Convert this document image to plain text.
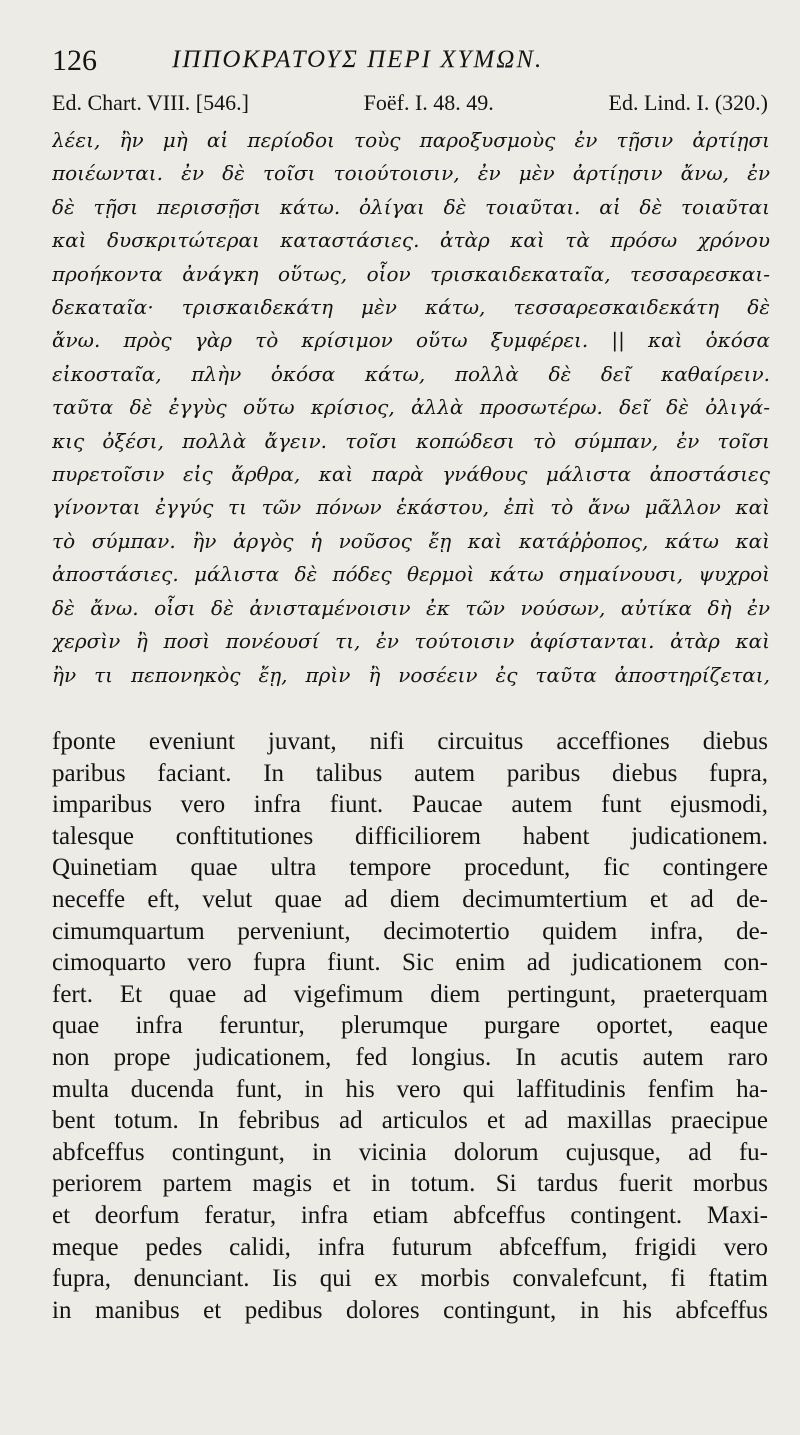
126	ΙΠΠΟΚΡΑΤΟΥΣ ΠΕΡΙ ΧΥΜΩΝ.
Ed. Chart. VIII. [546.]	Foëf. I. 48. 49.	Ed. Lind. I. (320.)
λέει, ἢν μὴ αἱ περίοδοι τοὺς παροξυσμοὺς ἐν τῇσιν ἀρτίῃσι
ποιέωνται. ἐν δὲ τοῖσι τοιούτοισιν, ἐν μὲν ἀρτίῃσιν ἄνω, ἐν
δὲ τῇσι περισσῇσι κάτω. ὀλίγαι δὲ τοιαῦται. αἱ δὲ τοιαῦται
καὶ δυσκριτώτεραι καταστάσιες. ἀτὰρ καὶ τὰ πρόσω χρόνου
προήκοντα ἀνάγκη οὕτως, οἷον τρισκαιδεκαταῖα, τεσσαρεσκαι-
δεκαταῖα· τρισκαιδεκάτη μὲν κάτω, τεσσαρεσκαιδεκάτη δὲ
ἄνω. πρὸς γὰρ τὸ κρίσιμον οὕτω ξυμφέρει. || καὶ ὁκόσα
εἰκοσταῖα, πλὴν ὁκόσα κάτω, πολλὰ δὲ δεῖ καθαίρειν.
ταῦτα δὲ ἐγγὺς οὕτω κρίσιος, ἀλλὰ προσωτέρω. δεῖ δὲ ὀλιγά-
κις ὀξέσι, πολλὰ ἄγειν. τοῖσι κοπώδεσι τὸ σύμπαν, ἐν τοῖσι
πυρετοῖσιν εἰς ἄρθρα, καὶ παρὰ γνάθους μάλιστα ἀποστάσιες
γίνονται ἐγγύς τι τῶν πόνων ἑκάστου, ἐπὶ τὸ ἄνω μᾶλλον καὶ
τὸ σύμπαν. ἢν ἀργὸς ἡ νοῦσος ἔῃ καὶ κατάῤῥοπος, κάτω καὶ
ἀποστάσιες. μάλιστα δὲ πόδες θερμοὶ κάτω σημαίνουσι, ψυχροὶ
δὲ ἄνω. οἷσι δὲ ἀνισταμένοισιν ἐκ τῶν νούσων, αὐτίκα δὴ ἐν
χερσὶν ἢ ποσὶ πονέουσί τι, ἐν τούτοισιν ἀφίστανται. ἀτὰρ καὶ
ἢν τι πεπονηκὸς ἔῃ, πρὶν ἢ νοσέειν ἐς ταῦτα ἀποστηρίζεται,
fponte eveniunt juvant, nifi circuitus acceffiones diebus
paribus faciant. In talibus autem paribus diebus fupra,
imparibus vero infra fiunt. Paucae autem funt ejusmodi,
talesque conftitutiones difficiliorem habent judicationem.
Quinetiam quae ultra tempore procedunt, fic contingere
neceffe eft, velut quae ad diem decimumtertium et ad de-
cimumquartum perveniunt, decimotertio quidem infra, de-
cimoquarto vero fupra fiunt. Sic enim ad judicationem con-
fert. Et quae ad vigefimum diem pertingunt, praeterquam
quae infra feruntur, plerumque purgare oportet, eaque
non prope judicationem, fed longius. In acutis autem raro
multa ducenda funt, in his vero qui laffitudinis fenfim ha-
bent totum. In febribus ad articulos et ad maxillas praecipue
abfceffus contingunt, in vicinia dolorum cujusque, ad fu-
periorem partem magis et in totum. Si tardus fuerit morbus
et deorfum feratur, infra etiam abfceffus contingent. Maxi-
meque pedes calidi, infra futurum abfceffum, frigidi vero
fupra, denunciant. Iis qui ex morbis convalefcunt, fi ftatim
in manibus et pedibus dolores contingunt, in his abfceffus
